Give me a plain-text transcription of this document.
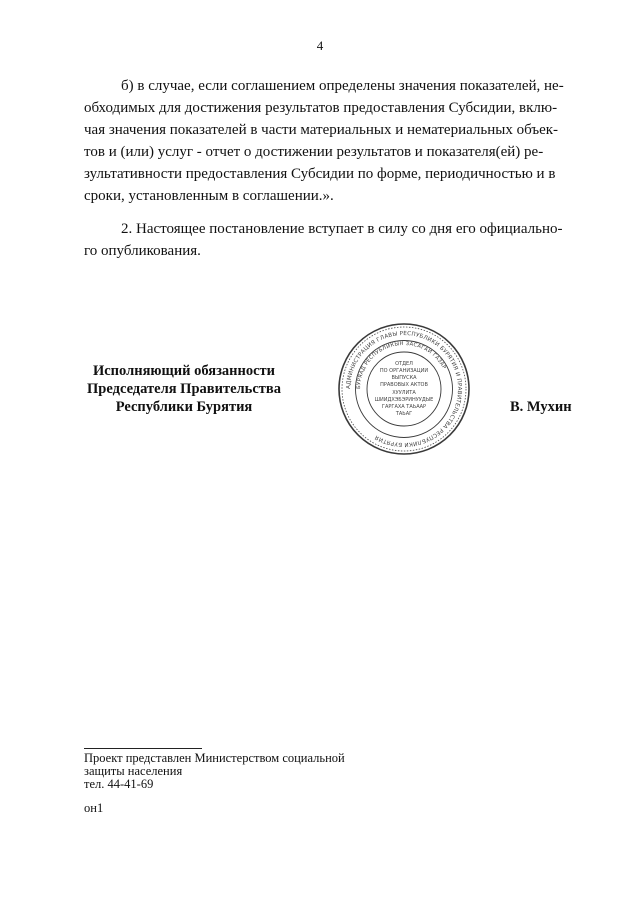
4
б) в случае, если соглашением определены значения показателей, не-
обходимых для достижения результатов предоставления Субсидии, вклю-
чая значения показателей в части материальных и нематериальных объек-
тов и (или) услуг - отчет о достижении результатов и показателя(ей) ре-
зультативности предоставления Субсидии по форме, периодичностью и в
сроки, установленным в соглашении.».
2. Настоящее постановление вступает в силу со дня его официально-
го опубликования.
Исполняющий обязанности
Председателя Правительства
Республики Бурятия	В. Мухин
АДМИНИСТРАЦИЯ ГЛАВЫ РЕСПУБЛИКИ БУРЯТИЯ И ПРАВИТЕЛЬСТВА РЕСПУБЛИКИ БУРЯТИЯ
БУРЯАД РЕСПУБЛИКЫН ЗАСАГАЙ ГАЗАР
ОТДЕЛ
ПО ОРГАНИЗАЦИИ
ВЫПУСКА
ПРАВОВЫХ АКТОВ
ХУУЛИТА
ШИИДХЭБЭРИНУУДЫЕ
ГАРГАХА ТАЬААР
ТАЬАГ
Проект представлен Министерством социальной
защиты населения
тел. 44-41-69
он1
